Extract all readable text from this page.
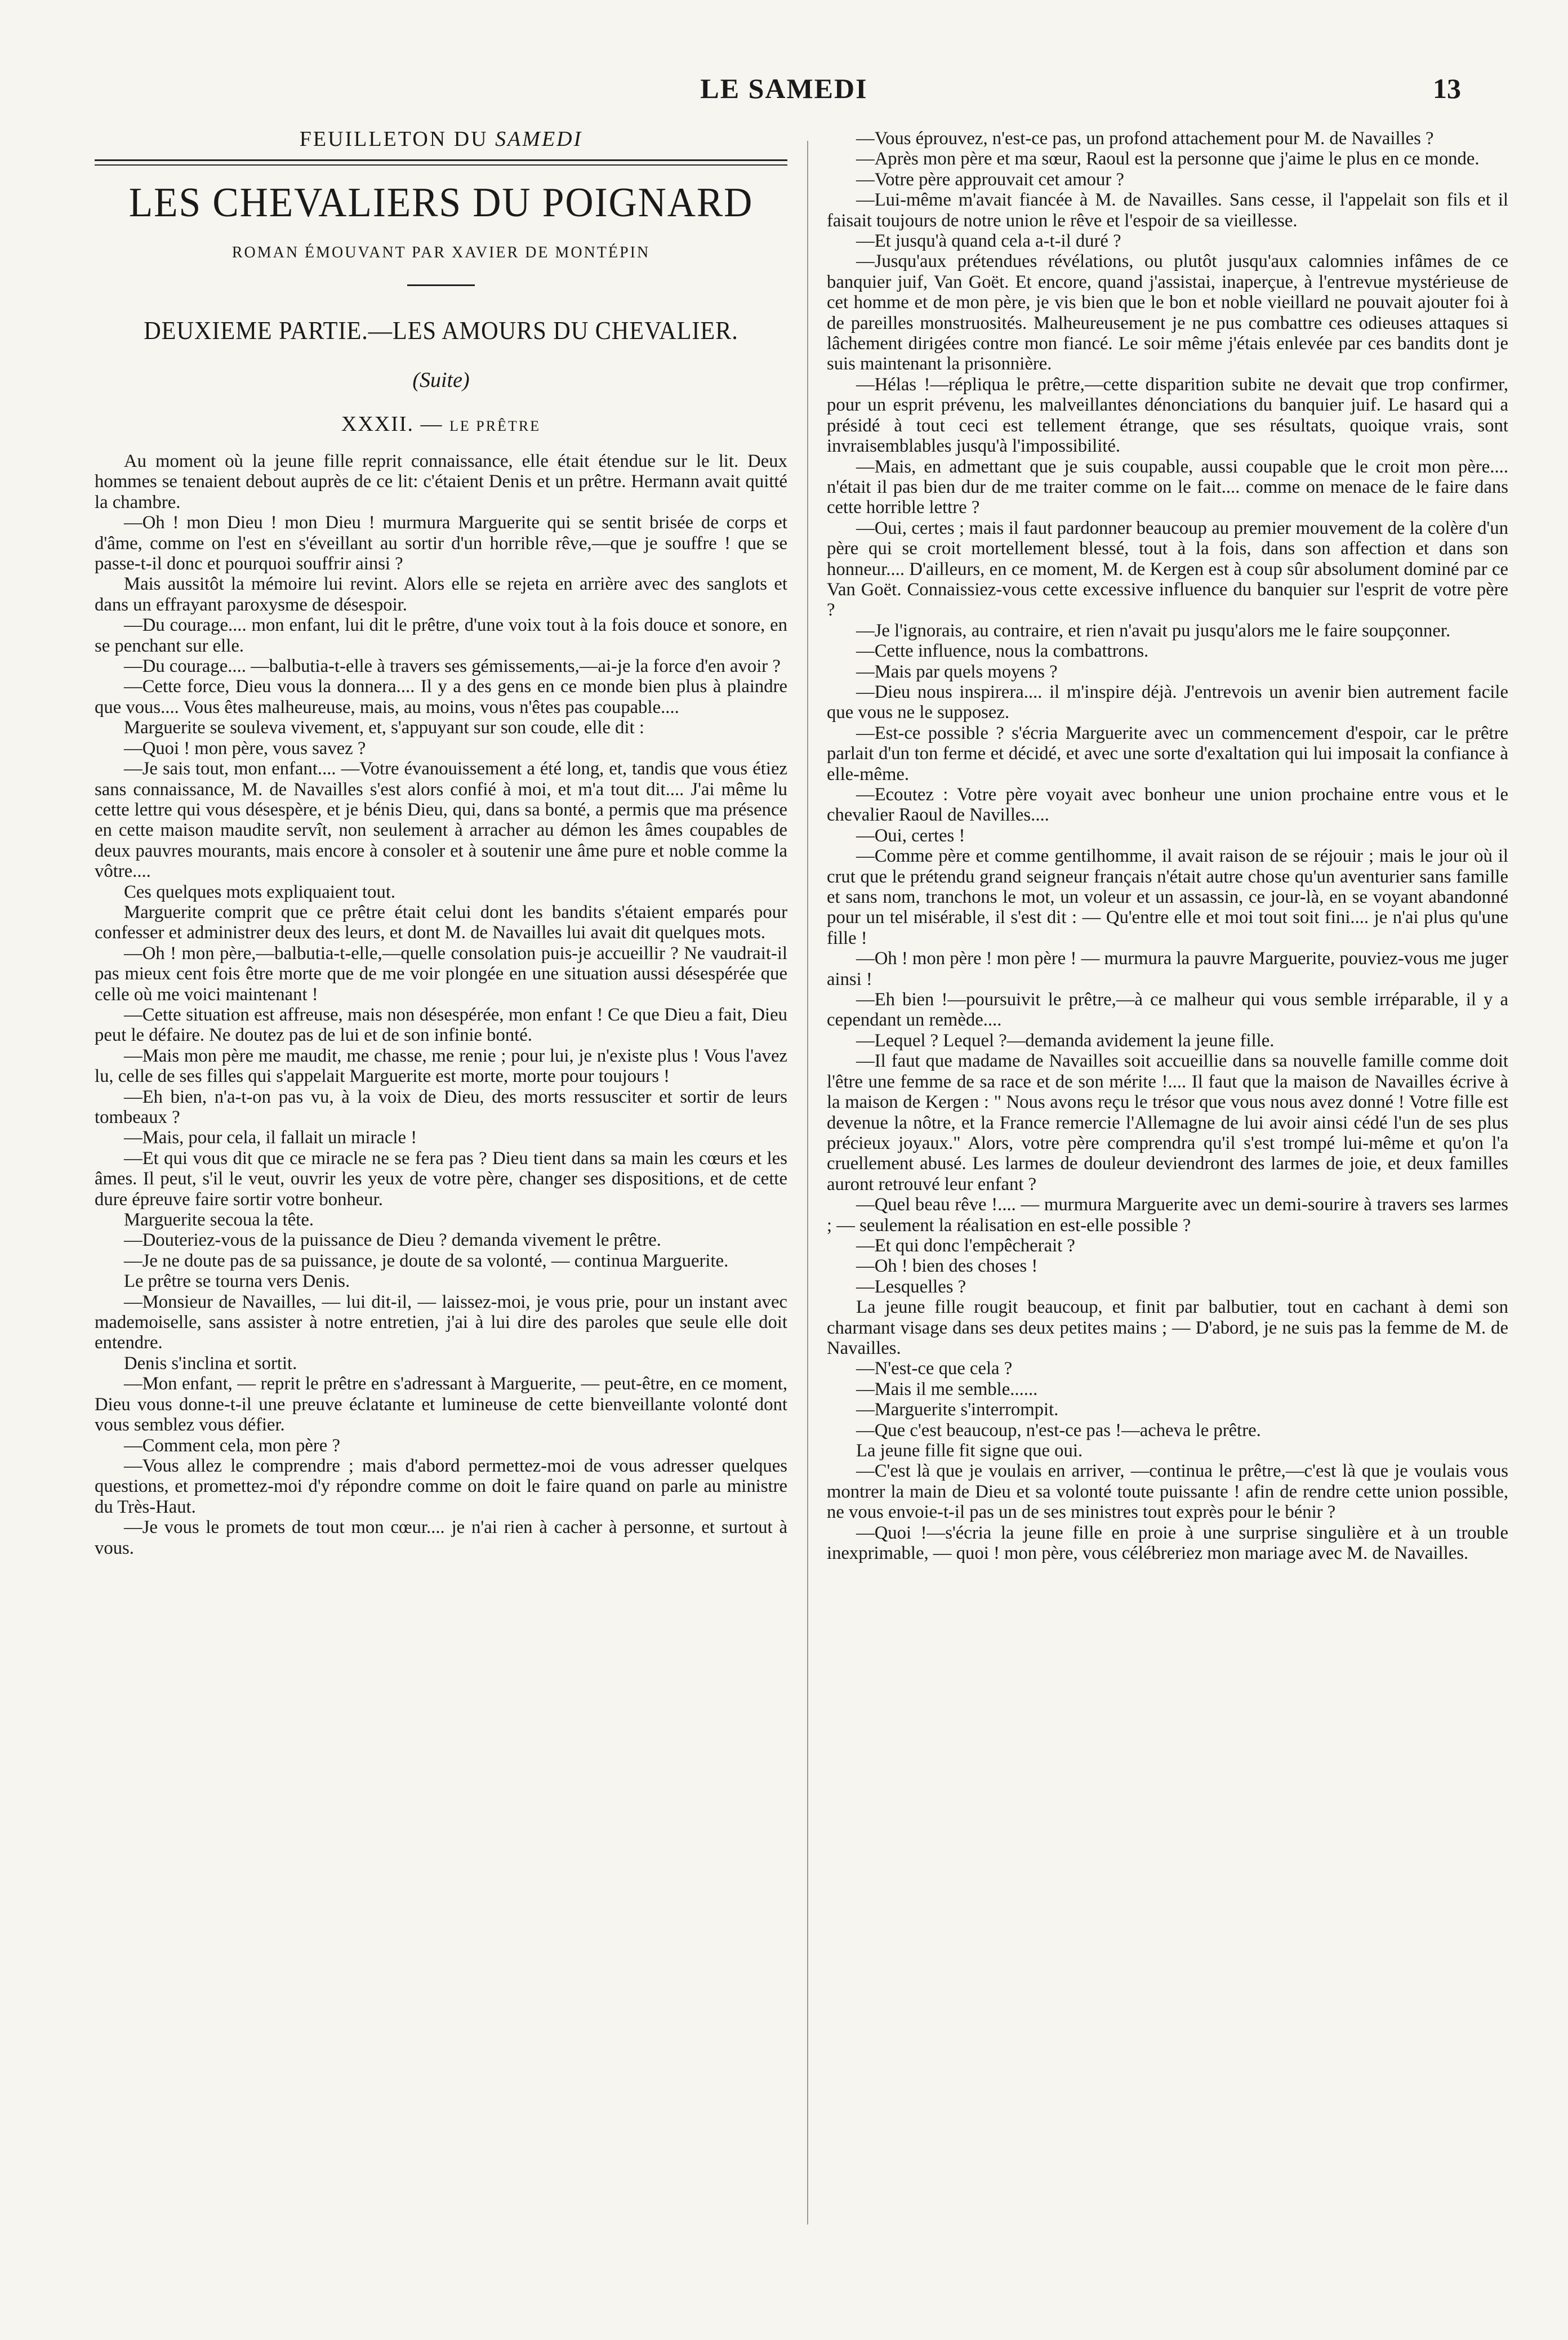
LE SAMEDI	13
FEUILLETON DU SAMEDI
LES CHEVALIERS DU POIGNARD
ROMAN ÉMOUVANT PAR XAVIER DE MONTÉPIN
DEUXIEME PARTIE.—LES AMOURS DU CHEVALIER.
(Suite)
XXXII. — LE PRÊTRE

Au moment où la jeune fille reprit connaissance, elle était étendue sur le lit. Deux hommes se tenaient debout auprès de ce lit: c'étaient Denis et un prêtre. Hermann avait quitté la chambre.

—Oh ! mon Dieu ! mon Dieu ! murmura Marguerite qui se sentit brisée de corps et d'âme, comme on l'est en s'éveillant au sortir d'un horrible rêve,—que je souffre ! que se passe-t-il donc et pourquoi souffrir ainsi ?

Mais aussitôt la mémoire lui revint. Alors elle se rejeta en arrière avec des sanglots et dans un effrayant paroxysme de désespoir.

—Du courage.... mon enfant, lui dit le prêtre, d'une voix tout à la fois douce et sonore, en se penchant sur elle.

—Du courage.... —balbutia-t-elle à travers ses gémissements,—ai-je la force d'en avoir ?

—Cette force, Dieu vous la donnera.... Il y a des gens en ce monde bien plus à plaindre que vous.... Vous êtes malheureuse, mais, au moins, vous n'êtes pas coupable....

Marguerite se souleva vivement, et, s'appuyant sur son coude, elle dit :

—Quoi ! mon père, vous savez ?

—Je sais tout, mon enfant.... —Votre évanouissement a été long, et, tandis que vous étiez sans connaissance, M. de Navailles s'est alors confié à moi, et m'a tout dit.... J'ai même lu cette lettre qui vous désespère, et je bénis Dieu, qui, dans sa bonté, a permis que ma présence en cette maison maudite servît, non seulement à arracher au démon les âmes coupables de deux pauvres mourants, mais encore à consoler et à soutenir une âme pure et noble comme la vôtre....

Ces quelques mots expliquaient tout.

Marguerite comprit que ce prêtre était celui dont les bandits s'étaient emparés pour confesser et administrer deux des leurs, et dont M. de Navailles lui avait dit quelques mots.

—Oh ! mon père,—balbutia-t-elle,—quelle consolation puis-je accueillir ? Ne vaudrait-il pas mieux cent fois être morte que de me voir plongée en une situation aussi désespérée que celle où me voici maintenant !

—Cette situation est affreuse, mais non désespérée, mon enfant ! Ce que Dieu a fait, Dieu peut le défaire. Ne doutez pas de lui et de son infinie bonté.

—Mais mon père me maudit, me chasse, me renie ; pour lui, je n'existe plus ! Vous l'avez lu, celle de ses filles qui s'appelait Marguerite est morte, morte pour toujours !

—Eh bien, n'a-t-on pas vu, à la voix de Dieu, des morts ressusciter et sortir de leurs tombeaux ?

—Mais, pour cela, il fallait un miracle !

—Et qui vous dit que ce miracle ne se fera pas ? Dieu tient dans sa main les cœurs et les âmes. Il peut, s'il le veut, ouvrir les yeux de votre père, changer ses dispositions, et de cette dure épreuve faire sortir votre bonheur.

Marguerite secoua la tête.

—Douteriez-vous de la puissance de Dieu ? demanda vivement le prêtre.

—Je ne doute pas de sa puissance, je doute de sa volonté, — continua Marguerite.

Le prêtre se tourna vers Denis.

—Monsieur de Navailles, — lui dit-il, — laissez-moi, je vous prie, pour un instant avec mademoiselle, sans assister à notre entretien, j'ai à lui dire des paroles que seule elle doit entendre.

Denis s'inclina et sortit.

—Mon enfant, — reprit le prêtre en s'adressant à Marguerite, — peut-être, en ce moment, Dieu vous donne-t-il une preuve éclatante et lumineuse de cette bienveillante volonté dont vous semblez vous défier.

—Comment cela, mon père ?

—Vous allez le comprendre ; mais d'abord permettez-moi de vous adresser quelques questions, et promettez-moi d'y répondre comme on doit le faire quand on parle au ministre du Très-Haut.

—Je vous le promets de tout mon cœur.... je n'ai rien à cacher à personne, et surtout à vous.

—Vous éprouvez, n'est-ce pas, un profond attachement pour M. de Navailles ?

—Après mon père et ma sœur, Raoul est la personne que j'aime le plus en ce monde.

—Votre père approuvait cet amour ?

—Lui-même m'avait fiancée à M. de Navailles. Sans cesse, il l'appelait son fils et il faisait toujours de notre union le rêve et l'espoir de sa vieillesse.

—Et jusqu'à quand cela a-t-il duré ?

—Jusqu'aux prétendues révélations, ou plutôt jusqu'aux calomnies infâmes de ce banquier juif, Van Goët. Et encore, quand j'assistai, inaperçue, à l'entrevue mystérieuse de cet homme et de mon père, je vis bien que le bon et noble vieillard ne pouvait ajouter foi à de pareilles monstruosités. Malheureusement je ne pus combattre ces odieuses attaques si lâchement dirigées contre mon fiancé. Le soir même j'étais enlevée par ces bandits dont je suis maintenant la prisonnière.

—Hélas !—répliqua le prêtre,—cette disparition subite ne devait que trop confirmer, pour un esprit prévenu, les malveillantes dénonciations du banquier juif. Le hasard qui a présidé à tout ceci est tellement étrange, que ses résultats, quoique vrais, sont invraisemblables jusqu'à l'impossibilité.

—Mais, en admettant que je suis coupable, aussi coupable que le croit mon père.... n'était il pas bien dur de me traiter comme on le fait.... comme on menace de le faire dans cette horrible lettre ?

—Oui, certes ; mais il faut pardonner beaucoup au premier mouvement de la colère d'un père qui se croit mortellement blessé, tout à la fois, dans son affection et dans son honneur.... D'ailleurs, en ce moment, M. de Kergen est à coup sûr absolument dominé par ce Van Goët. Connaissiez-vous cette excessive influence du banquier sur l'esprit de votre père ?

—Je l'ignorais, au contraire, et rien n'avait pu jusqu'alors me le faire soupçonner.

—Cette influence, nous la combattrons.

—Mais par quels moyens ?

—Dieu nous inspirera.... il m'inspire déjà. J'entrevois un avenir bien autrement facile que vous ne le supposez.

—Est-ce possible ? s'écria Marguerite avec un commencement d'espoir, car le prêtre parlait d'un ton ferme et décidé, et avec une sorte d'exaltation qui lui imposait la confiance à elle-même.

—Ecoutez : Votre père voyait avec bonheur une union prochaine entre vous et le chevalier Raoul de Navilles....

—Oui, certes !

—Comme père et comme gentilhomme, il avait raison de se réjouir ; mais le jour où il crut que le prétendu grand seigneur français n'était autre chose qu'un aventurier sans famille et sans nom, tranchons le mot, un voleur et un assassin, ce jour-là, en se voyant abandonné pour un tel misérable, il s'est dit : — Qu'entre elle et moi tout soit fini.... je n'ai plus qu'une fille !

—Oh ! mon père ! mon père ! — murmura la pauvre Marguerite, pouviez-vous me juger ainsi !

—Eh bien !—poursuivit le prêtre,—à ce malheur qui vous semble irréparable, il y a cependant un remède....

—Lequel ? Lequel ?—demanda avidement la jeune fille.

—Il faut que madame de Navailles soit accueillie dans sa nouvelle famille comme doit l'être une femme de sa race et de son mérite !.... Il faut que la maison de Navailles écrive à la maison de Kergen : " Nous avons reçu le trésor que vous nous avez donné ! Votre fille est devenue la nôtre, et la France remercie l'Allemagne de lui avoir ainsi cédé l'un de ses plus précieux joyaux." Alors, votre père comprendra qu'il s'est trompé lui-même et qu'on l'a cruellement abusé. Les larmes de douleur deviendront des larmes de joie, et deux familles auront retrouvé leur enfant ?

—Quel beau rêve !.... — murmura Marguerite avec un demi-sourire à travers ses larmes ; — seulement la réalisation en est-elle possible ?

—Et qui donc l'empêcherait ?

—Oh ! bien des choses !

—Lesquelles ?

La jeune fille rougit beaucoup, et finit par balbutier, tout en cachant à demi son charmant visage dans ses deux petites mains ; — D'abord, je ne suis pas la femme de M. de Navailles.

—N'est-ce que cela ?

—Mais il me semble......

—Marguerite s'interrompit.

—Que c'est beaucoup, n'est-ce pas !—acheva le prêtre.

La jeune fille fit signe que oui.

—C'est là que je voulais en arriver, —continua le prêtre,—c'est là que je voulais vous montrer la main de Dieu et sa volonté toute puissante ! afin de rendre cette union possible, ne vous envoie-t-il pas un de ses ministres tout exprès pour le bénir ?

—Quoi !—s'écria la jeune fille en proie à une surprise singulière et à un trouble inexprimable, — quoi ! mon père, vous célébreriez mon mariage avec M. de Navailles.
